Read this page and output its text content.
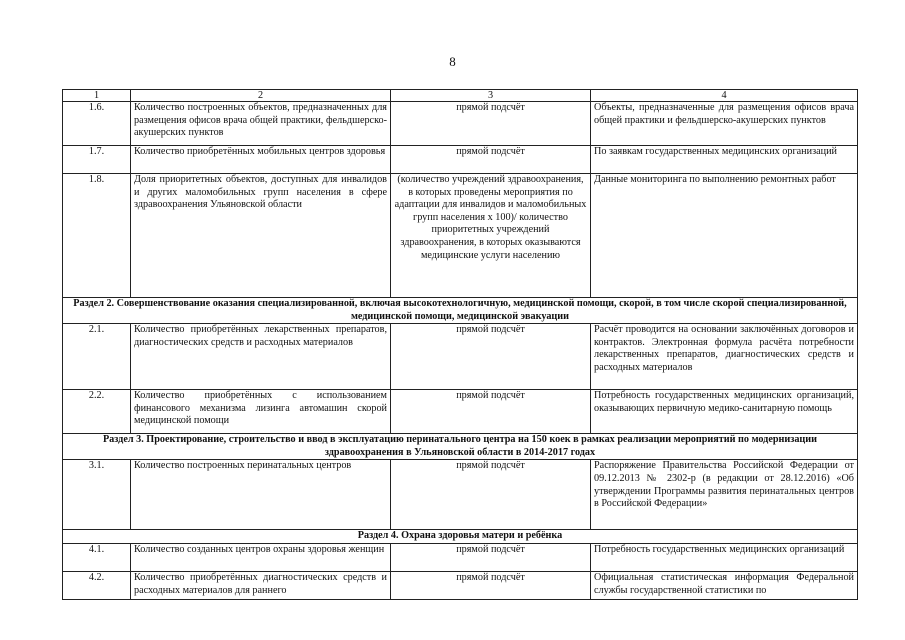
8
1	2	3	4
1.6.	Количество построенных объектов, предназначенных для размещения офисов врача общей практики, фельдшерско-акушерских пунктов	прямой подсчёт	Объекты, предназначенные для размещения офисов врача общей практики и фельдшерско-акушерских пунктов
1.7.	Количество приобретённых мобильных центров здоровья	прямой подсчёт	По заявкам государственных медицинских организаций
1.8.	Доля приоритетных объектов, доступных для инвалидов и других маломобильных групп населения в сфере здравоохранения Ульяновской области	(количество учреждений здравоохранения, в которых проведены мероприятия по адаптации для инвалидов и маломобильных групп населения х 100)/ количество приоритетных учреждений здравоохранения, в которых оказываются медицинские услуги населению	Данные мониторинга по выполнению ремонтных работ
Раздел 2. Совершенствование оказания специализированной, включая высокотехнологичную, медицинской помощи, скорой, в том числе скорой специализированной, медицинской помощи, медицинской эвакуации			
2.1.	Количество приобретённых лекарственных препаратов, диагностических средств и расходных материалов	прямой подсчёт	Расчёт проводится на основании заключённых договоров и контрактов. Электронная формула расчёта потребности лекарственных препаратов, диагностических средств и расходных материалов
2.2.	Количество приобретённых с использованием финансового механизма лизинга автомашин скорой медицинской помощи	прямой подсчёт	Потребность государственных медицинских организаций, оказывающих первичную медико-санитарную помощь
Раздел 3. Проектирование, строительство и ввод в эксплуатацию перинатального центра на 150 коек в рамках реализации мероприятий по модернизации здравоохранения в Ульяновской области в 2014-2017 годах			
3.1.	Количество построенных перинатальных центров	прямой подсчёт	Распоряжение Правительства Российской Федерации от 09.12.2013 № 2302-р (в редакции от 28.12.2016) «Об утверждении Программы развития перинатальных центров в Российской Федерации»
Раздел 4. Охрана здоровья матери и ребёнка			
4.1.	Количество созданных центров охраны здоровья женщин	прямой подсчёт	Потребность государственных медицинских организаций
4.2.	Количество приобретённых диагностических средств и расходных материалов для раннего	прямой подсчёт	Официальная статистическая информация Федеральной службы государственной статистики по
